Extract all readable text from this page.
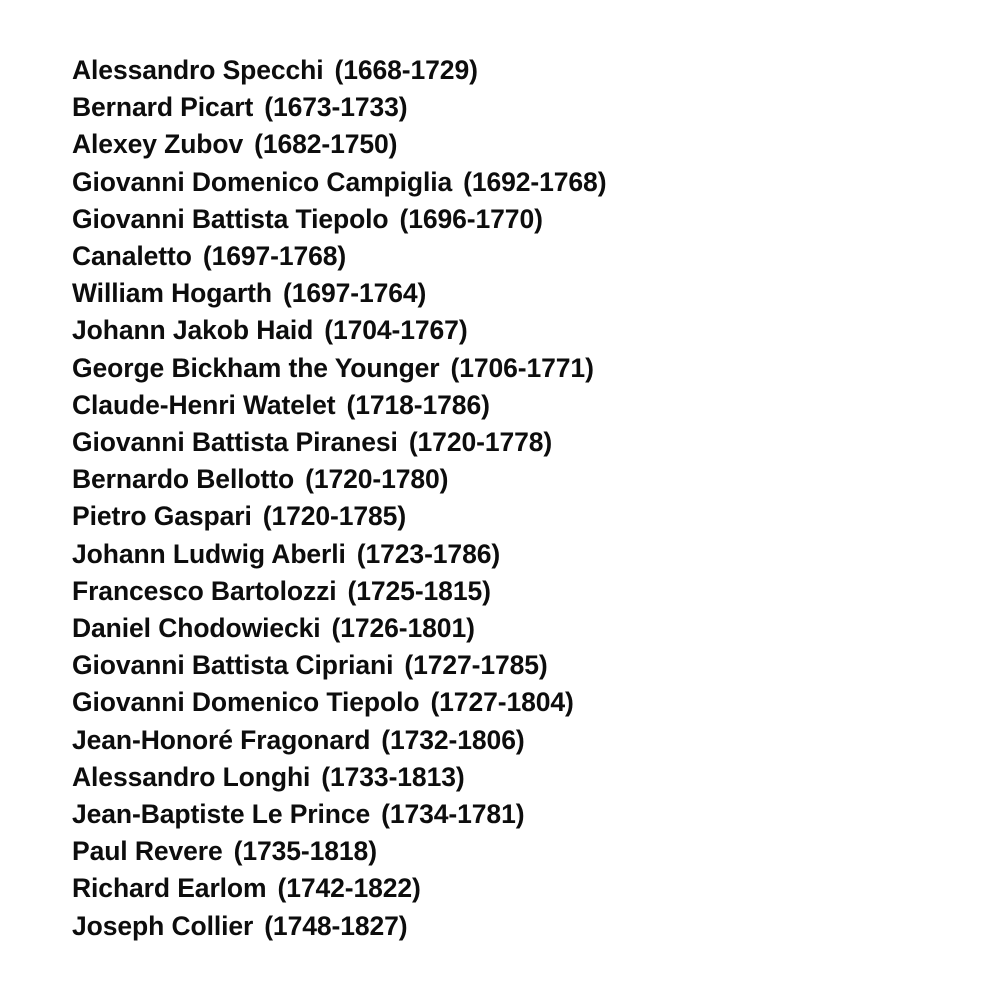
Alessandro Specchi (1668-1729)
Bernard Picart (1673-1733)
Alexey Zubov (1682-1750)
Giovanni Domenico Campiglia (1692-1768)
Giovanni Battista Tiepolo (1696-1770)
Canaletto (1697-1768)
William Hogarth (1697-1764)
Johann Jakob Haid (1704-1767)
George Bickham the Younger (1706-1771)
Claude-Henri Watelet (1718-1786)
Giovanni Battista Piranesi (1720-1778)
Bernardo Bellotto (1720-1780)
Pietro Gaspari (1720-1785)
Johann Ludwig Aberli (1723-1786)
Francesco Bartolozzi (1725-1815)
Daniel Chodowiecki (1726-1801)
Giovanni Battista Cipriani (1727-1785)
Giovanni Domenico Tiepolo (1727-1804)
Jean-Honoré Fragonard (1732-1806)
Alessandro Longhi (1733-1813)
Jean-Baptiste Le Prince (1734-1781)
Paul Revere (1735-1818)
Richard Earlom (1742-1822)
Joseph Collier (1748-1827)
